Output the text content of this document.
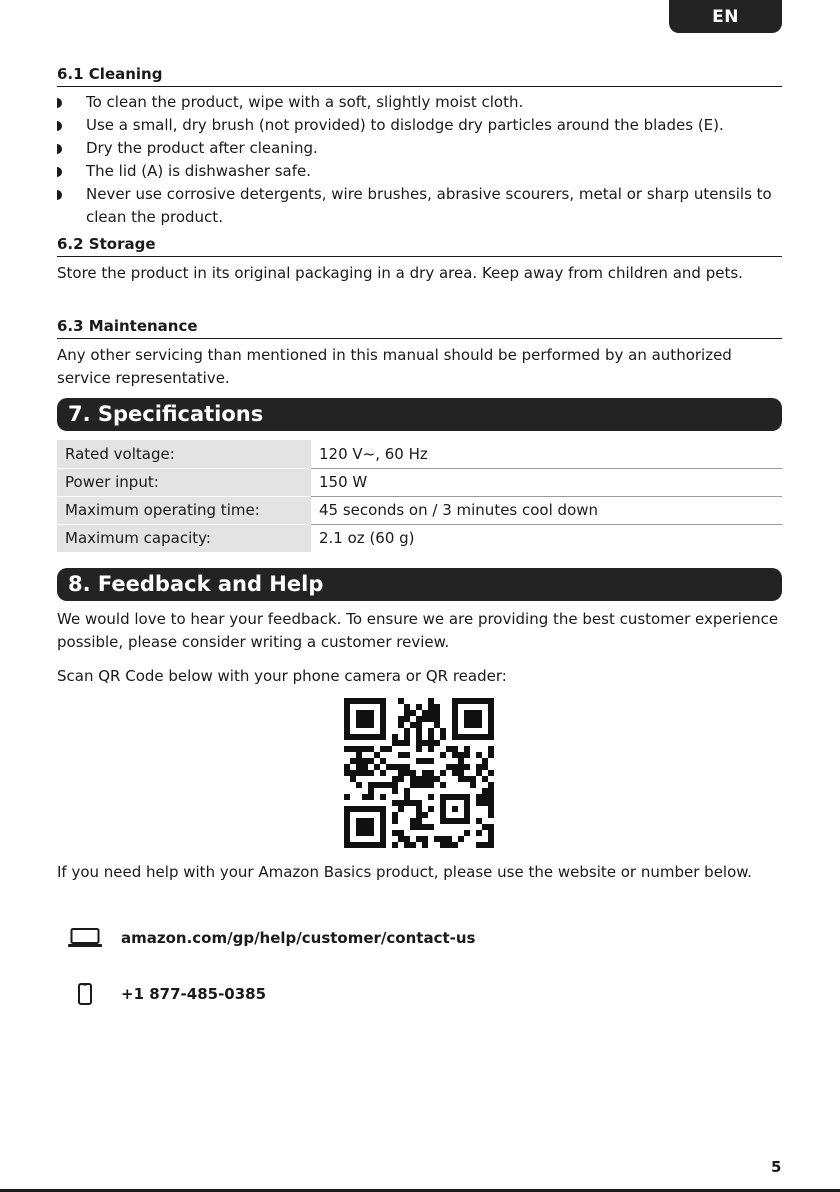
EN
6.1 Cleaning
To clean the product, wipe with a soft, slightly moist cloth.
Use a small, dry brush (not provided) to dislodge dry particles around the blades (E).
Dry the product after cleaning.
The lid (A) is dishwasher safe.
Never use corrosive detergents, wire brushes, abrasive scourers, metal or sharp utensils to clean the product.
6.2 Storage

Store the product in its original packaging in a dry area. Keep away from children and pets.

6.3 Maintenance

Any other servicing than mentioned in this manual should be performed by an authorized service representative.

7. Specifications
Rated voltage:	120 V~, 60 Hz
Power input:	150 W
Maximum operating time:	45 seconds on / 3 minutes cool down
Maximum capacity:	2.1 oz (60 g)
8. Feedback and Help

We would love to hear your feedback. To ensure we are providing the best customer experience possible, please consider writing a customer review.

Scan QR Code below with your phone camera or QR reader:

If you need help with your Amazon Basics product, please use the website or number below.

amazon.com/gp/help/customer/contact-us
+1 877-485-0385
5
